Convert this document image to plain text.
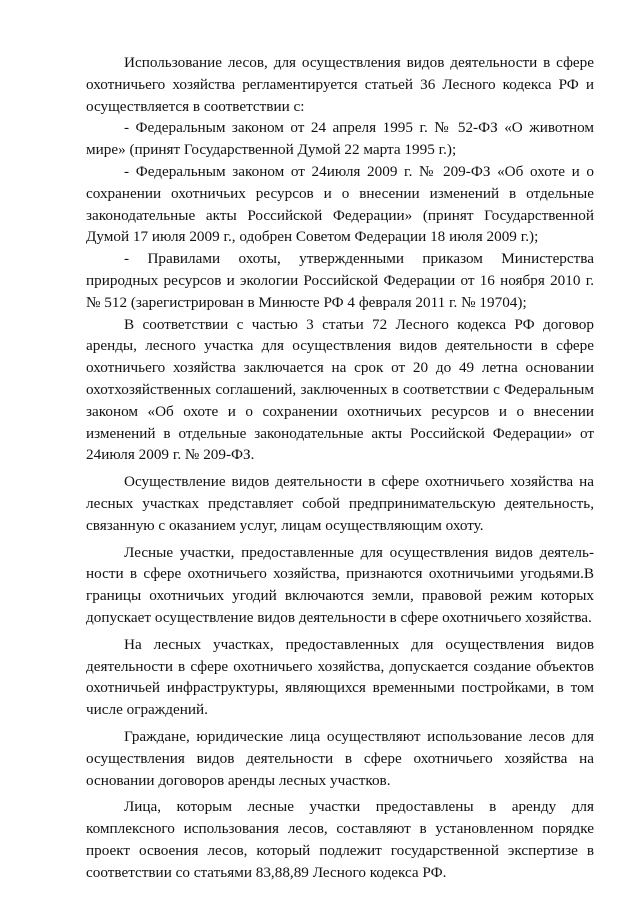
Использование лесов, для осуществления видов деятельности в сфере охотничьего хозяйства регламентируется статьей 36 Лесного кодекса РФ и осуществляется в соответствии с:

- Федеральным законом от 24 апреля 1995 г. № 52-ФЗ «О животном мире» (принят Государственной Думой 22 марта 1995 г.);

- Федеральным законом от 24июля 2009 г. № 209-ФЗ «Об охоте и о сохранении охотничьих ресурсов и о внесении изменений в отдельные законодательные акты Российской Федерации» (принят Государственной Думой 17 июля 2009 г., одобрен Советом Федерации 18 июля 2009 г.);

- Правилами охоты, утвержденными приказом Министерства природных ресурсов и экологии Российской Федерации от 16 ноября 2010 г. № 512 (зарегистрирован в Минюсте РФ 4 февраля 2011 г. № 19704);

В соответствии с частью 3 статьи 72 Лесного кодекса РФ договор аренды, лесного участка для осуществления видов деятельности в сфере охотничьего хозяйства заключается на срок от 20 до 49 летна основании охотхозяйственных соглашений, заключенных в соответствии с Федеральным законом «Об охоте и о сохранении охотничьих ресурсов и о внесении изменений в отдельные законодательные акты Российской Федерации» от 24июля 2009 г. № 209-ФЗ.

Осуществление видов деятельности в сфере охотничьего хозяйства на лесных участках представляет собой предпринимательскую деятельность, связанную с оказанием услуг, лицам осуществляющим охоту.

Лесные участки, предоставленные для осуществления видов деятельности в сфере охотничьего хозяйства, признаются охотничьими угодьями.В границы охотничьих угодий включаются земли, правовой режим которых допускает осуществление видов деятельности в сфере охотничьего хозяйства.

На лесных участках, предоставленных для осуществления видов деятельности в сфере охотничьего хозяйства, допускается создание объектов охотничьей инфраструктуры, являющихся временными постройками, в том числе ограждений.

Граждане, юридические лица осуществляют использование лесов для осуществления видов деятельности в сфере охотничьего хозяйства на основании договоров аренды лесных участков.

Лица, которым лесные участки предоставлены в аренду для комплексного использования лесов, составляют в установленном порядке проект освоения лесов, который подлежит государственной экспертизе в соответствии со статьями 83,88,89 Лесного кодекса РФ.
